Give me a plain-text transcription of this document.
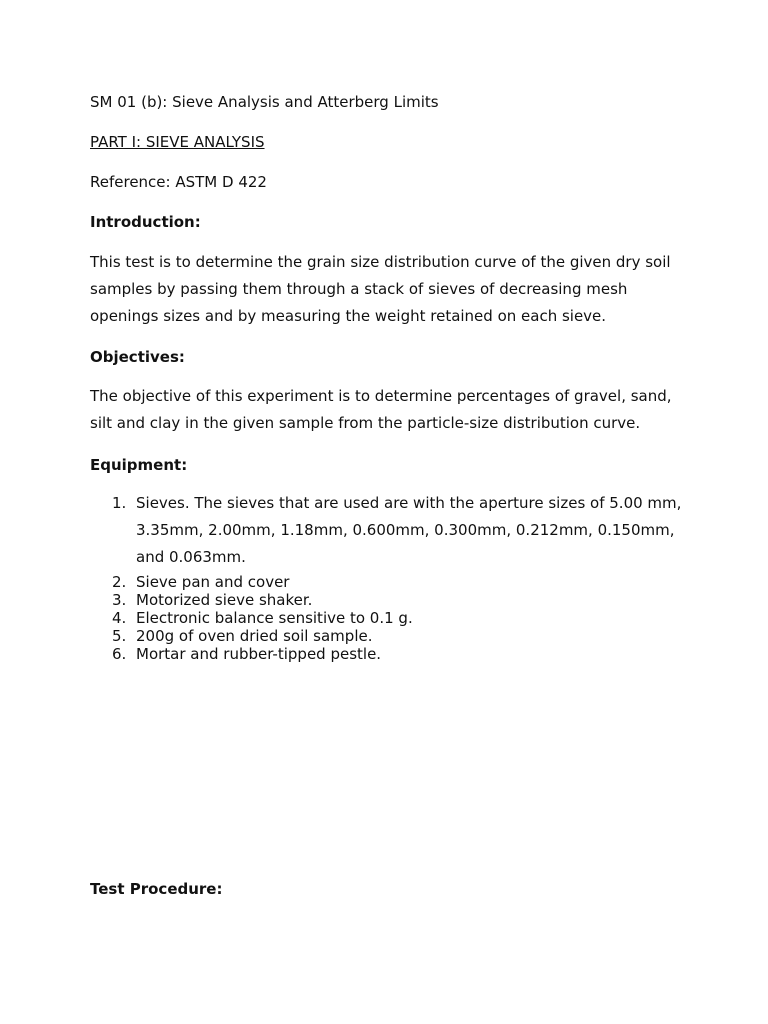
SM 01 (b): Sieve Analysis and Atterberg Limits

PART I: SIEVE ANALYSIS

Reference: ASTM D 422

Introduction:

This test is to determine the grain size distribution curve of the given dry soil samples by passing them through a stack of sieves of decreasing mesh openings sizes and by measuring the weight retained on each sieve.

Objectives:

The objective of this experiment is to determine percentages of gravel, sand, silt and clay in the given sample from the particle-size distribution curve.

Equipment:

1. Sieves. The sieves that are used are with the aperture sizes of 5.00 mm, 3.35mm, 2.00mm, 1.18mm, 0.600mm, 0.300mm, 0.212mm, 0.150mm, and 0.063mm.
2. Sieve pan and cover
3. Motorized sieve shaker.
4. Electronic balance sensitive to 0.1 g.
5. 200g of oven dried soil sample.
6. Mortar and rubber-tipped pestle.

Test Procedure:
